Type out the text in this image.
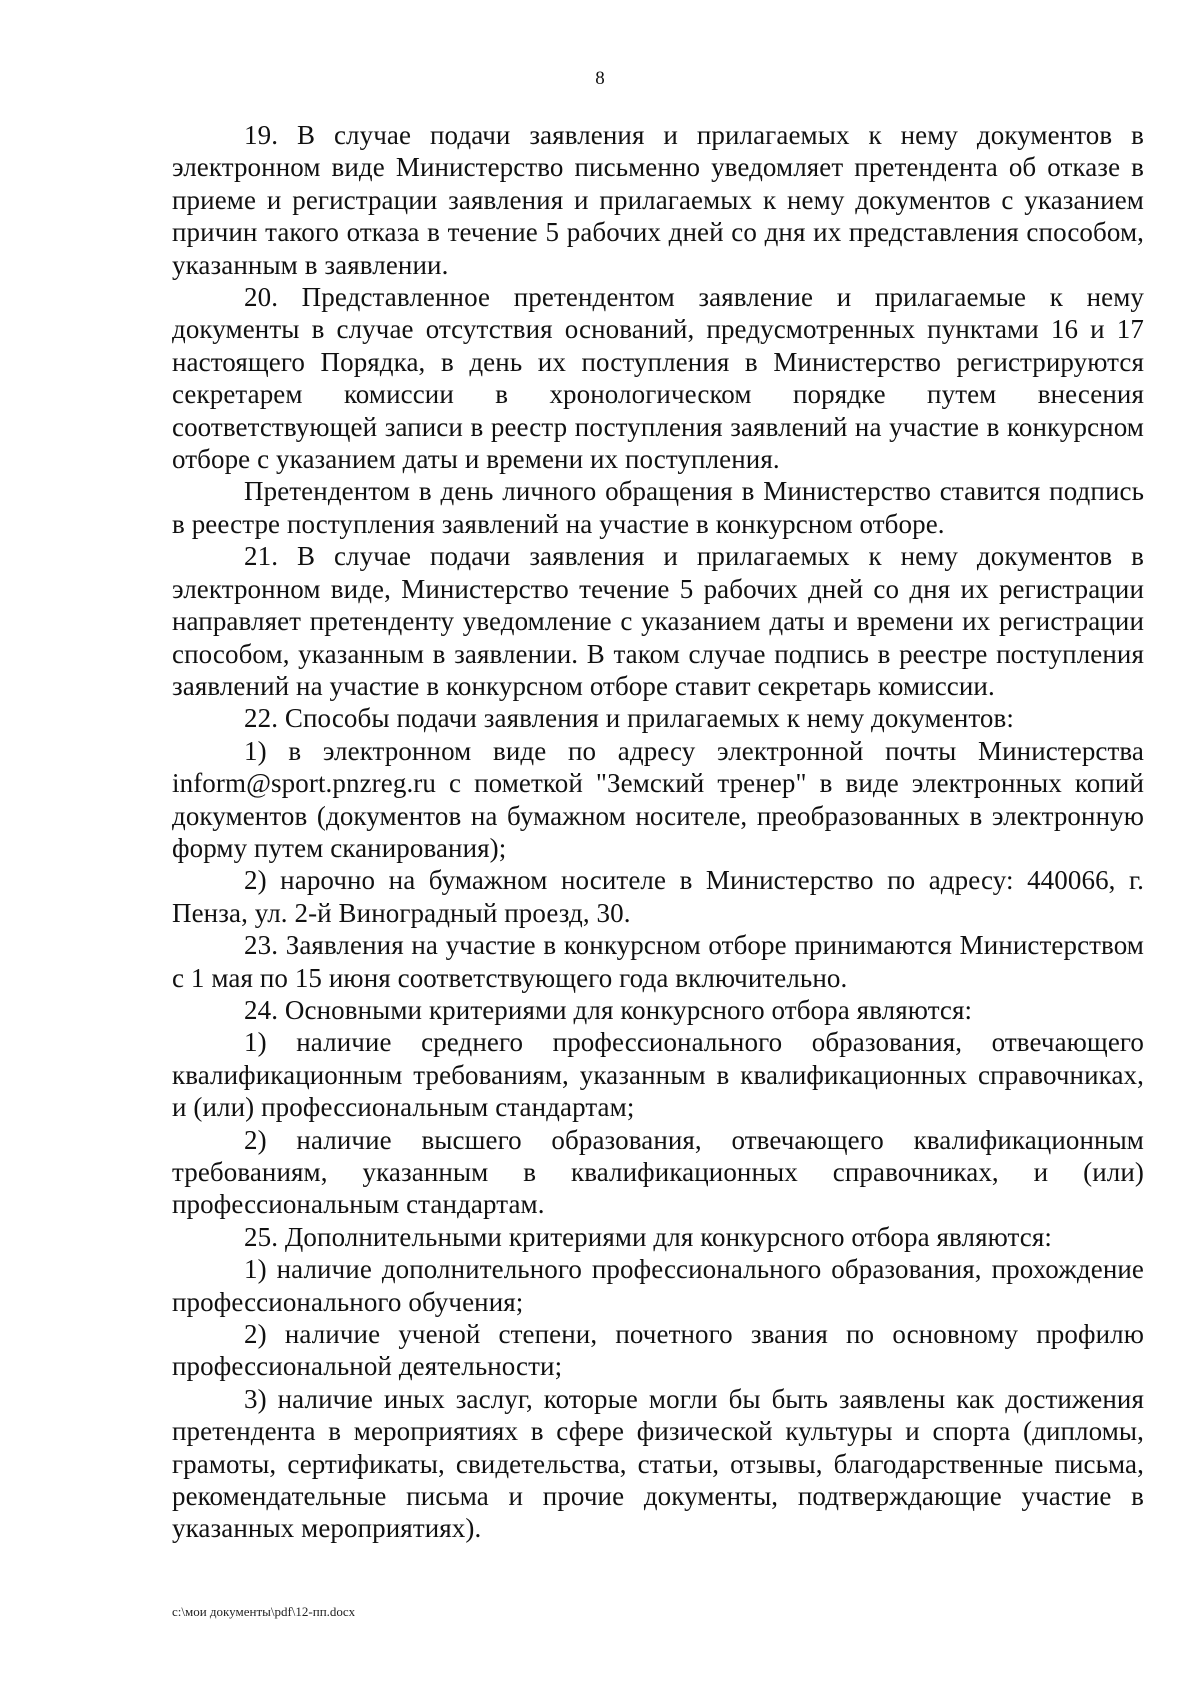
8

19. В случае подачи заявления и прилагаемых к нему документов в электронном виде Министерство письменно уведомляет претендента об отказе в приеме и регистрации заявления и прилагаемых к нему документов с указанием причин такого отказа в течение 5 рабочих дней со дня их представления способом, указанным в заявлении.

20. Представленное претендентом заявление и прилагаемые к нему документы в случае отсутствия оснований, предусмотренных пунктами 16 и 17 настоящего Порядка, в день их поступления в Министерство регистрируются секретарем комиссии в хронологическом порядке путем внесения соответствующей записи в реестр поступления заявлений на участие в конкурсном отборе с указанием даты и времени их поступления.

Претендентом в день личного обращения в Министерство ставится подпись в реестре поступления заявлений на участие в конкурсном отборе.

21. В случае подачи заявления и прилагаемых к нему документов в электронном виде, Министерство течение 5 рабочих дней со дня их регистрации направляет претенденту уведомление с указанием даты и времени их регистрации способом, указанным в заявлении. В таком случае подпись в реестре поступления заявлений на участие в конкурсном отборе ставит секретарь комиссии.

22. Способы подачи заявления и прилагаемых к нему документов:

1) в электронном виде по адресу электронной почты Министерства inform@sport.pnzreg.ru с пометкой "Земский тренер" в виде электронных копий документов (документов на бумажном носителе, преобразованных в электронную форму путем сканирования);

2) нарочно на бумажном носителе в Министерство по адресу: 440066, г. Пенза, ул. 2-й Виноградный проезд, 30.

23. Заявления на участие в конкурсном отборе принимаются Министерством с 1 мая по 15 июня соответствующего года включительно.

24. Основными критериями для конкурсного отбора являются:

1) наличие среднего профессионального образования, отвечающего квалификационным требованиям, указанным в квалификационных справочниках, и (или) профессиональным стандартам;

2) наличие высшего образования, отвечающего квалификационным требованиям, указанным в квалификационных справочниках, и (или) профессиональным стандартам.

25. Дополнительными критериями для конкурсного отбора являются:

1) наличие дополнительного профессионального образования, прохождение профессионального обучения;

2) наличие ученой степени, почетного звания по основному профилю профессиональной деятельности;

3) наличие иных заслуг, которые могли бы быть заявлены как достижения претендента в мероприятиях в сфере физической культуры и спорта (дипломы, грамоты, сертификаты, свидетельства, статьи, отзывы, благодарственные письма, рекомендательные письма и прочие документы, подтверждающие участие в указанных мероприятиях).

c:\мои документы\pdf\12-пп.docx
